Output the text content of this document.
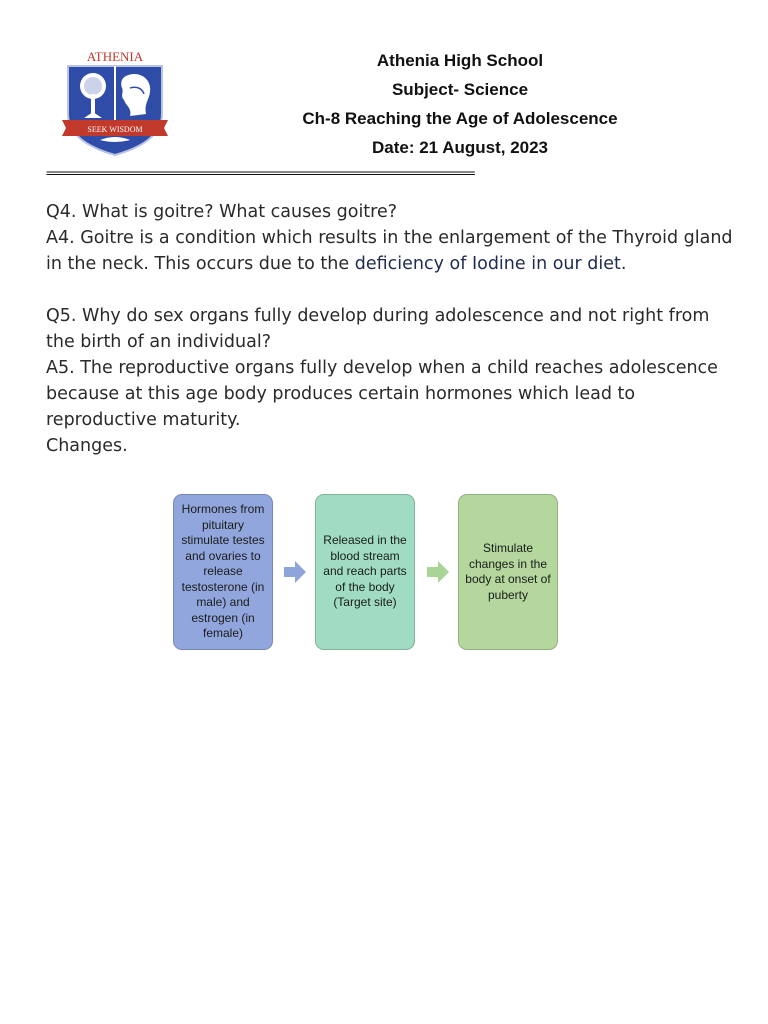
ATHENIA
SEEK WISDOM
Athenia High School
Subject- Science
Ch-8 Reaching the Age of Adolescence
Date: 21 August, 2023
=====================================================================================

Q4. What is goitre? What causes goitre?

A4. Goitre is a condition which results in the enlargement of the Thyroid gland in the neck. This occurs due to the deficiency of Iodine in our diet.

Q5. Why do sex organs fully develop during adolescence and not right from the birth of an individual?

A5. The reproductive organs fully develop when a child reaches adolescence because at this age body produces certain hormones which lead to reproductive maturity.

Changes.

Hormones from pituitary stimulate testes and ovaries to release testosterone (in male) and estrogen (in female)
Released in the blood stream and reach parts of the body (Target site)
Stimulate changes in the body at onset of puberty
